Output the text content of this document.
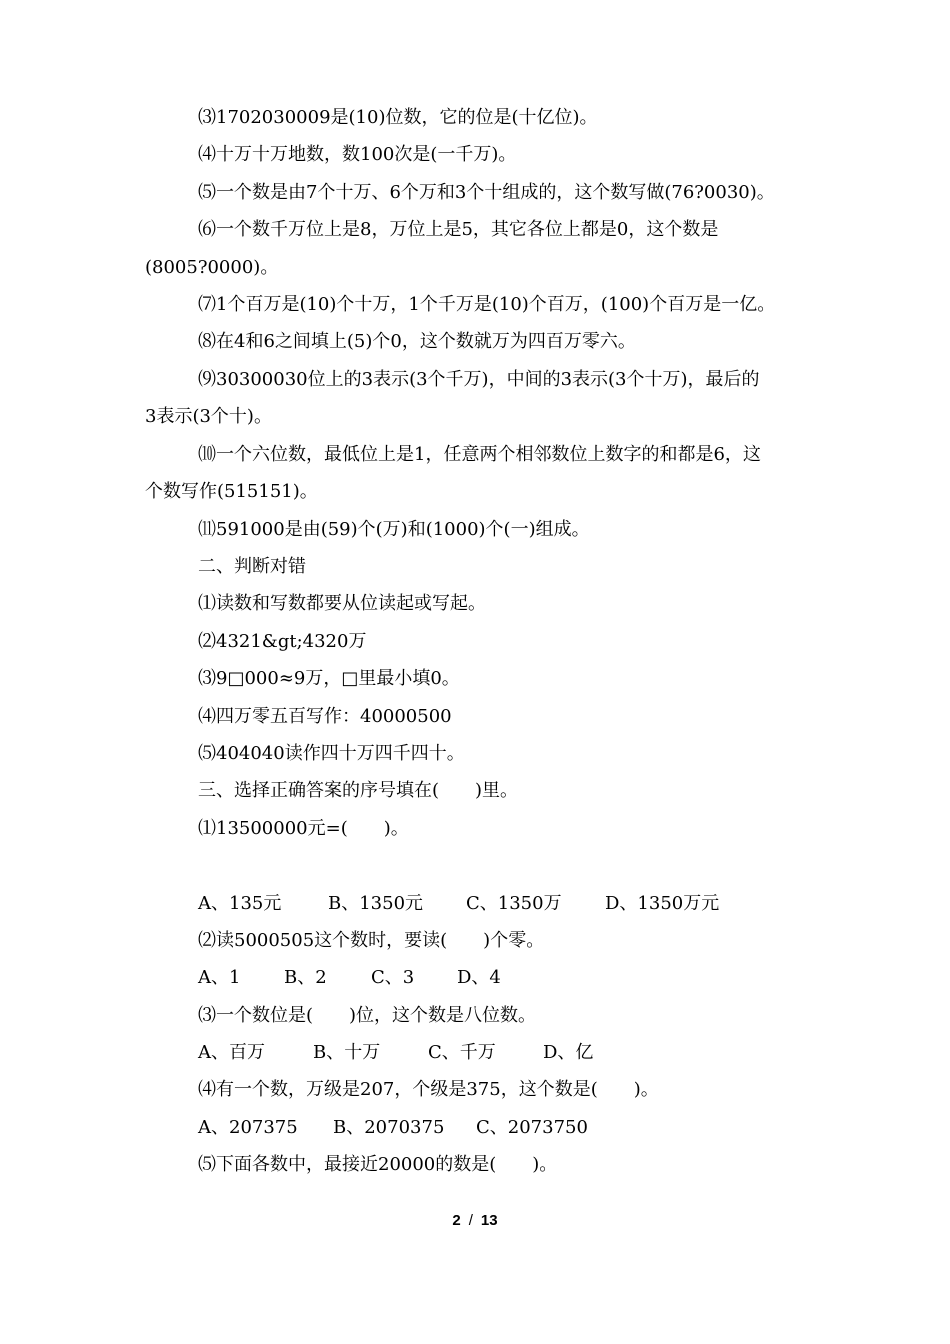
⑶1702030009是(10)位数，它的位是(十亿位)。
⑷十万十万地数，数100次是(一千万)。
⑸一个数是由7个十万、6个万和3个十组成的，这个数写做(76?0030)。
⑹一个数千万位上是8，万位上是5，其它各位上都是0，这个数是
(8005?0000)。
⑺1个百万是(10)个十万，1个千万是(10)个百万，(100)个百万是一亿。
⑻在4和6之间填上(5)个0，这个数就万为四百万零六。
⑼30300030位上的3表示(3个千万)，中间的3表示(3个十万)，最后的
3表示(3个十)。
⑽一个六位数，最低位上是1，任意两个相邻数位上数字的和都是6，这
个数写作(515151)。
⑾591000是由(59)个(万)和(1000)个(一)组成。
二、判断对错
⑴读数和写数都要从位读起或写起。
⑵4321&gt;4320万
⑶9□000≈9万，□里最小填0。
⑷四万零五百写作：40000500
⑸404040读作四十万四千四十。
三、选择正确答案的序号填在(　　)里。
⑴13500000元=(　　)。
A、135元	B、1350元 C、1350万 D、1350万元
⑵读5000505这个数时，要读(　　)个零。
A、1 B、2 C、3 D、4
⑶一个数位是(　　)位，这个数是八位数。
A、百万	B、十万	C、千万	D、亿
⑷有一个数，万级是207，个级是375，这个数是(　　)。
A、207375 B、2070375 C、2073750
⑸下面各数中，最接近20000的数是(　　)。
2 / 13
